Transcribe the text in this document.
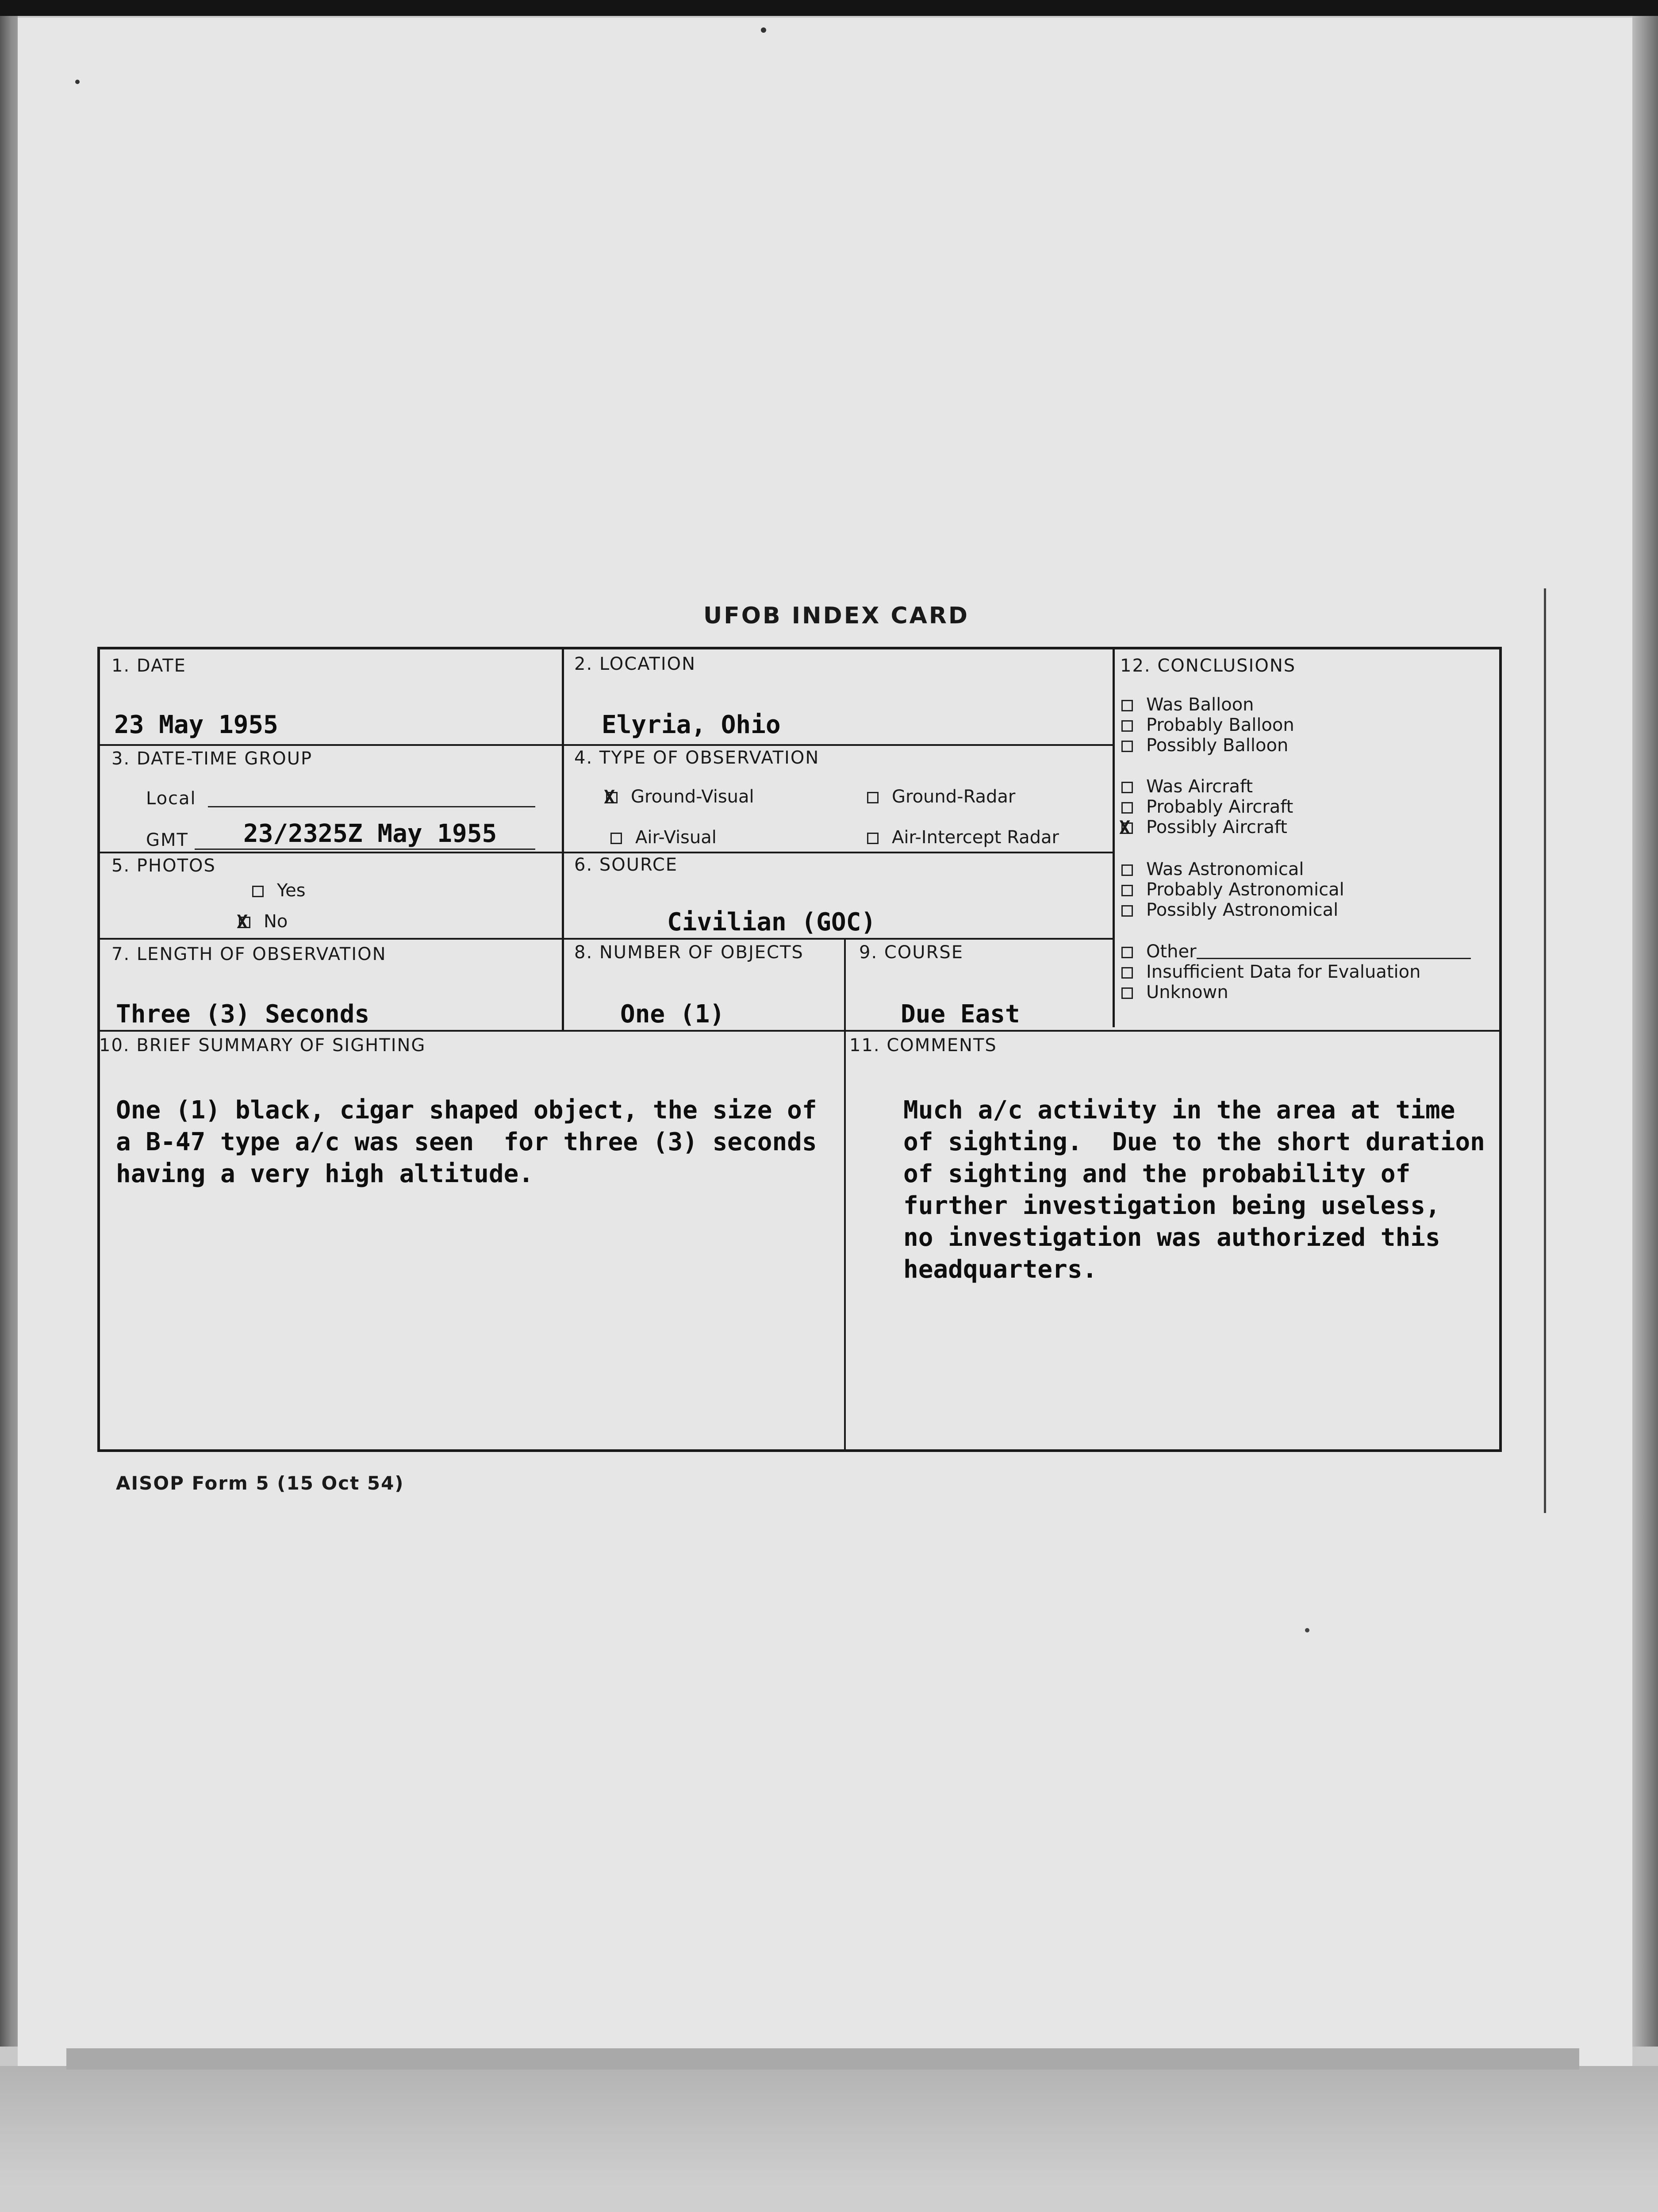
UFOB INDEX CARD
1. DATE
23 May 1955
2. LOCATION
Elyria, Ohio
3. DATE-TIME GROUP
Local
GMT 23/2325Z May 1955
4. TYPE OF OBSERVATION
XGround-Visual	Ground-Radar
Air-Visual	Air-Intercept Radar
5. PHOTOS
Yes
XNo
6. SOURCE
Civilian (GOC)
7. LENGTH OF OBSERVATION
Three (3) Seconds
8. NUMBER OF OBJECTS
One (1)
9. COURSE
Due East
10. BRIEF SUMMARY OF SIGHTING
One (1) black, cigar shaped object, the size of
a B-47 type a/c was seen  for three (3) seconds
having a very high altitude.
11. COMMENTS
Much a/c activity in the area at time
of sighting.  Due to the short duration
of sighting and the probability of
further investigation being useless,
no investigation was authorized this
headquarters.
12. CONCLUSIONS
Was Balloon
Probably Balloon
Possibly Balloon
Was Aircraft
Probably Aircraft
XPossibly Aircraft
Was Astronomical
Probably Astronomical
Possibly Astronomical
Other
Insufficient Data for Evaluation
Unknown
AISOP Form 5 (15 Oct 54)
